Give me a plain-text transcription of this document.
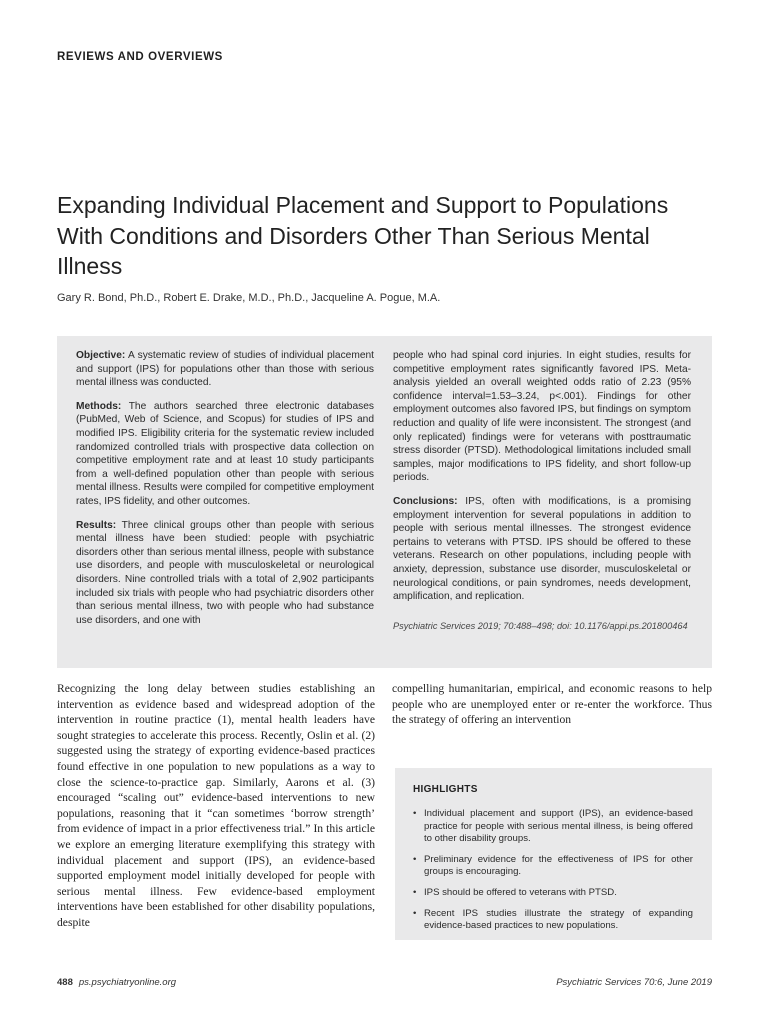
REVIEWS AND OVERVIEWS
Expanding Individual Placement and Support to Populations With Conditions and Disorders Other Than Serious Mental Illness
Gary R. Bond, Ph.D., Robert E. Drake, M.D., Ph.D., Jacqueline A. Pogue, M.A.

Objective: A systematic review of studies of individual placement and support (IPS) for populations other than those with serious mental illness was conducted.

Methods: The authors searched three electronic databases (PubMed, Web of Science, and Scopus) for studies of IPS and modified IPS. Eligibility criteria for the systematic review included randomized controlled trials with prospective data collection on competitive employment rate and at least 10 study participants from a well-defined population other than people with serious mental illness. Results were compiled for competitive employment rates, IPS fidelity, and other outcomes.

Results: Three clinical groups other than people with serious mental illness have been studied: people with psychiatric disorders other than serious mental illness, people with substance use disorders, and people with musculoskeletal or neurological disorders. Nine controlled trials with a total of 2,902 participants included six trials with people who had psychiatric disorders other than serious mental illness, two with people who had substance use disorders, and one with

people who had spinal cord injuries. In eight studies, results for competitive employment rates significantly favored IPS. Meta-analysis yielded an overall weighted odds ratio of 2.23 (95% confidence interval=1.53–3.24, p<.001). Findings for other employment outcomes also favored IPS, but findings on symptom reduction and quality of life were inconsistent. The strongest (and only replicated) findings were for veterans with posttraumatic stress disorder (PTSD). Methodological limitations included small samples, major modifications to IPS fidelity, and short follow-up periods.

Conclusions: IPS, often with modifications, is a promising employment intervention for several populations in addition to people with serious mental illnesses. The strongest evidence pertains to veterans with PTSD. IPS should be offered to these veterans. Research on other populations, including people with anxiety, depression, substance use disorder, musculoskeletal or neurological conditions, or pain syndromes, needs development, amplification, and replication.

Psychiatric Services 2019; 70:488–498; doi: 10.1176/appi.ps.201800464

Recognizing the long delay between studies establishing an intervention as evidence based and widespread adoption of the intervention in routine practice (1), mental health leaders have sought strategies to accelerate this process. Recently, Oslin et al. (2) suggested using the strategy of exporting evidence-based practices found effective in one population to new populations as a way to close the science-to-practice gap. Similarly, Aarons et al. (3) encouraged “scaling out” evidence-based interventions to new populations, reasoning that it “can sometimes ‘borrow strength’ from evidence of impact in a prior effectiveness trial.” In this article we explore an emerging literature exemplifying this strategy with individual placement and support (IPS), an evidence-based supported employment model initially developed for people with serious mental illness. Few evidence-based employment interventions have been established for other disability populations, despite

compelling humanitarian, empirical, and economic reasons to help people who are unemployed enter or re-enter the workforce. Thus the strategy of offering an intervention

HIGHLIGHTS
• Individual placement and support (IPS), an evidence-based practice for people with serious mental illness, is being offered to other disability groups.
• Preliminary evidence for the effectiveness of IPS for other groups is encouraging.
• IPS should be offered to veterans with PTSD.
• Recent IPS studies illustrate the strategy of expanding evidence-based practices to new populations.
488 ps.psychiatryonline.org	Psychiatric Services 70:6, June 2019
